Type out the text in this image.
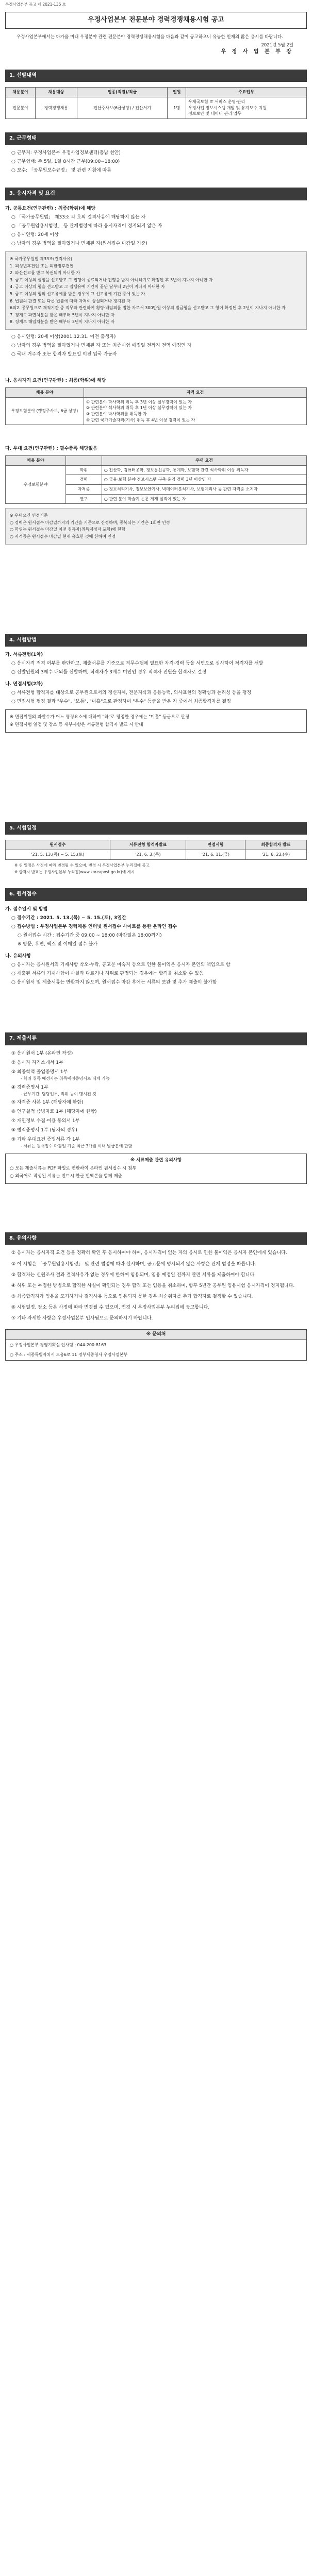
우정사업본부 공고 제 2021-135 호
우정사업본부 전문분야 경력경쟁채용시험 공고
우정사업본부에서는 다가올 미래 우정분야 관련 전문분야 경력경쟁채용시험을 다음과 같이 공고하오니 유능한 인재의 많은 응시를 바랍니다.
2021년 5월 2일
우 정 사 업 본 부 장
1. 선발내역
채용분야	채용대상	업종(직렬)/직급	인원	주요업무
전문분야	경력경쟁채용	전산주사보(6급상당) / 전산서기	1명	우체국보험 IT 서비스 운영·관리
우정사업 정보시스템 개발 및 유지보수 지원
정보보안 및 데이터 관리 업무
2. 근무형태
○ 근무지: 우정사업본부 우정사업정보센터(충남 천안)
○ 근무형태: 주 5일, 1일 8시간 근무(09:00~18:00)
○ 보수: 「공무원보수규정」 및 관련 지침에 따름
3. 응시자격 및 요건
가. 공통요건(연구관련) : 최종(학위)에 해당
○ 「국가공무원법」 제33조 각 호의 결격사유에 해당하지 않는 자
○ 「공무원임용시험령」 등 관계법령에 따라 응시자격이 정지되지 않은 자
○ 응시연령: 20세 이상
○ 남자의 경우 병역을 필하였거나 면제된 자(원서접수 마감일 기준)

※ 국가공무원법 제33조(결격사유)

1. 피성년후견인 또는 피한정후견인

2. 파산선고를 받고 복권되지 아니한 자

3. 금고 이상의 실형을 선고받고 그 집행이 종료되거나 집행을 받지 아니하기로 확정된 후 5년이 지나지 아니한 자

4. 금고 이상의 형을 선고받고 그 집행유예 기간이 끝난 날부터 2년이 지나지 아니한 자

5. 금고 이상의 형의 선고유예를 받은 경우에 그 선고유예 기간 중에 있는 자

6. 법원의 판결 또는 다른 법률에 따라 자격이 상실되거나 정지된 자

6의2. 공무원으로 재직기간 중 직무와 관련하여 횡령·배임죄를 범한 자로서 300만원 이상의 벌금형을 선고받고 그 형이 확정된 후 2년이 지나지 아니한 자

7. 징계로 파면처분을 받은 때부터 5년이 지나지 아니한 자

8. 징계로 해임처분을 받은 때부터 3년이 지나지 아니한 자

○ 응시연령: 20세 이상(2001.12.31. 이전 출생자)
○ 남자의 경우 병역을 필하였거나 면제된 자 또는 최종시험 예정일 전까지 전역 예정인 자
○ 국내 거주자 또는 합격자 발표일 이전 입국 가능자
나. 응시자격 요건(연구관련) : 최종(학위)에 해당
채용 분야	자격 요건
우정보험분야 (행정주사보, 6급 상당)	① 관련분야 학사학위 취득 후 3년 이상 실무경력이 있는 자
② 관련분야 석사학위 취득 후 1년 이상 실무경력이 있는 자
③ 관련분야 박사학위를 취득한 자
④ 관련 국가기술자격(기사) 취득 후 4년 이상 경력이 있는 자
다. 우대 요건(연구관련) : 필수충족 해당없음
채용 분야		우대 요건
우정보험분야	학위	○ 전산학, 컴퓨터공학, 정보통신공학, 통계학, 보험학 관련 석사학위 이상 취득자
	경력	○ 금융·보험 분야 정보시스템 구축·운영 경력 3년 이상인 자
	자격증	○ 정보처리기사, 정보보안기사, 빅데이터분석기사, 보험계리사 등 관련 자격증 소지자
	연구	○ 관련 분야 학술지 논문 게재 실적이 있는 자

※ 우대요건 인정기준

○ 경력은 원서접수 마감일까지의 기간을 기준으로 산정하며, 중복되는 기간은 1회만 인정

○ 학위는 원서접수 마감일 이전 취득자(취득예정자 포함)에 한함

○ 자격증은 원서접수 마감일 현재 유효한 것에 한하여 인정

4. 시험방법
가. 서류전형(1차)
○ 응시자격 적격 여부를 판단하고, 제출서류를 기준으로 직무수행에 필요한 자격·경력 등을 서면으로 심사하여 적격자를 선발
○ 선발인원의 3배수 내외를 선발하며, 적격자가 3배수 미만인 경우 적격자 전원을 합격자로 결정
나. 면접시험(2차)
○ 서류전형 합격자를 대상으로 공무원으로서의 정신자세, 전문지식과 응용능력, 의사표현의 정확성과 논리성 등을 평정
○ 면접시험 평정 결과 "우수", "보통", "미흡"으로 판정하며 "우수" 등급을 받은 자 중에서 최종합격자를 결정

※ 면접위원의 과반수가 어느 평정요소에 대하여 "하"로 평정한 경우에는 "미흡" 등급으로 판정

※ 면접시험 일정 및 장소 등 세부사항은 서류전형 합격자 발표 시 안내

5. 시험일정
원서접수	서류전형 합격자발표	면접시험	최종합격자 발표
'21. 5. 13.(목) ~ 5. 15.(토)	'21. 6. 3.(목)	'21. 6. 11.(금)	'21. 6. 23.(수)
※ 위 일정은 사정에 따라 변경될 수 있으며, 변경 시 우정사업본부 누리집에 공고
※ 합격자 발표는 우정사업본부 누리집(www.koreapost.go.kr)에 게시
6. 원서접수
가. 접수일시 및 방법
○ 접수기간 : 2021. 5. 13.(목) ~ 5. 15.(토), 3일간
○ 접수방법 : 우정사업본부 경력채용 인터넷 원서접수 사이트를 통한 온라인 접수
○ 원서접수 시간 : 접수기간 중 09:00 ~ 18:00 (마감일은 18:00까지)
※ 방문, 우편, 팩스 및 이메일 접수 불가
나. 유의사항
○ 응시자는 응시원서의 기재사항 착오·누락, 공고문 미숙지 등으로 인한 불이익은 응시자 본인의 책임으로 함
○ 제출된 서류의 기재사항이 사실과 다르거나 허위로 판명되는 경우에는 합격을 취소할 수 있음
○ 응시원서 및 제출서류는 반환하지 않으며, 원서접수 마감 후에는 서류의 보완 및 추가 제출이 불가함
7. 제출서류
① 응시원서 1부 (온라인 작성)
② 응시자 자기소개서 1부
③ 최종학력 졸업증명서 1부
- 학위 취득 예정자는 취득예정증명서로 대체 가능
④ 경력증명서 1부
- 근무기간, 담당업무, 직위 등이 명시된 것
⑤ 자격증 사본 1부 (해당자에 한함)
⑥ 연구실적 증빙자료 1부 (해당자에 한함)
⑦ 개인정보 수집·이용 동의서 1부
⑧ 병적증명서 1부 (남자의 경우)
⑨ 기타 우대요건 증빙서류 각 1부
- 서류는 원서접수 마감일 기준 최근 3개월 이내 발급분에 한함
※ 서류제출 관련 유의사항

○ 모든 제출서류는 PDF 파일로 변환하여 온라인 원서접수 시 첨부

○ 외국어로 작성된 서류는 반드시 한글 번역본을 함께 제출

8. 유의사항
① 응시자는 응시자격 요건 등을 정확히 확인 후 응시하여야 하며, 응시자격이 없는 자의 응시로 인한 불이익은 응시자 본인에게 있습니다.
② 이 시험은 「공무원임용시험령」 및 관련 법령에 따라 실시하며, 공고문에 명시되지 않은 사항은 관계 법령을 따릅니다.
③ 합격자는 신원조사 결과 결격사유가 없는 경우에 한하여 임용되며, 임용 예정일 전까지 관련 서류를 제출하여야 합니다.
④ 허위 또는 부정한 방법으로 합격한 사실이 확인되는 경우 합격 또는 임용을 취소하며, 향후 5년간 공무원 임용시험 응시자격이 정지됩니다.
⑤ 최종합격자가 임용을 포기하거나 결격사유 등으로 임용되지 못한 경우 차순위자를 추가 합격자로 결정할 수 있습니다.
⑥ 시험일정, 장소 등은 사정에 따라 변경될 수 있으며, 변경 시 우정사업본부 누리집에 공고합니다.
⑦ 기타 자세한 사항은 우정사업본부 인사팀으로 문의하시기 바랍니다.
※ 문의처
○ 우정사업본부 경영기획실 인사팀 : 044-200-8163
○ 주소 : 세종특별자치시 도움6로 11 정부세종청사 우정사업본부
